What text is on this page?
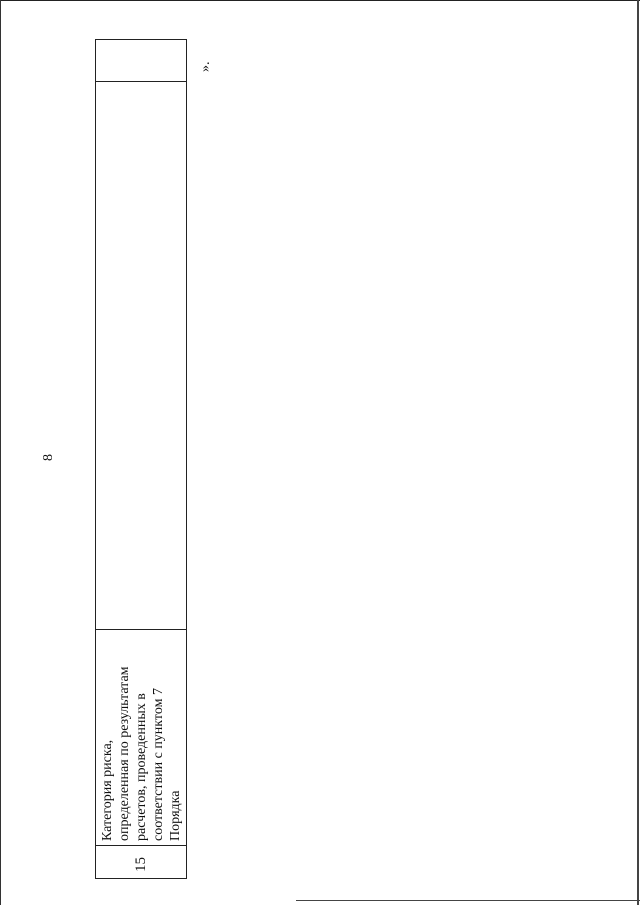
8
15
Категория риска,
определенная по результатам
расчетов, проведенных в
соответствии с пунктом 7
Порядка
».
